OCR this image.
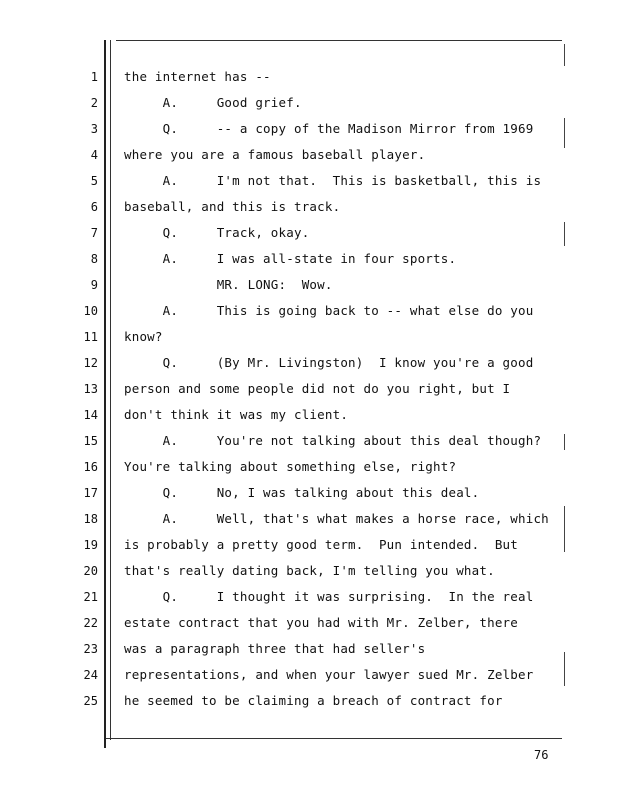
1
2
3
4
5
6
7
8
9
10
11
12
13
14
15
16
17
18
19
20
21
22
23
24
25
the internet has --
A.     Good grief.
Q.     -- a copy of the Madison Mirror from 1969
where you are a famous baseball player.
A.     I'm not that.  This is basketball, this is
baseball, and this is track.
Q.     Track, okay.
A.     I was all-state in four sports.
MR. LONG:  Wow.
A.     This is going back to -- what else do you
know?
Q.     (By Mr. Livingston)  I know you're a good
person and some people did not do you right, but I
don't think it was my client.
A.     You're not talking about this deal though?
You're talking about something else, right?
Q.     No, I was talking about this deal.
A.     Well, that's what makes a horse race, which
is probably a pretty good term.  Pun intended.  But
that's really dating back, I'm telling you what.
Q.     I thought it was surprising.  In the real
estate contract that you had with Mr. Zelber, there
was a paragraph three that had seller's
representations, and when your lawyer sued Mr. Zelber
he seemed to be claiming a breach of contract for
76
